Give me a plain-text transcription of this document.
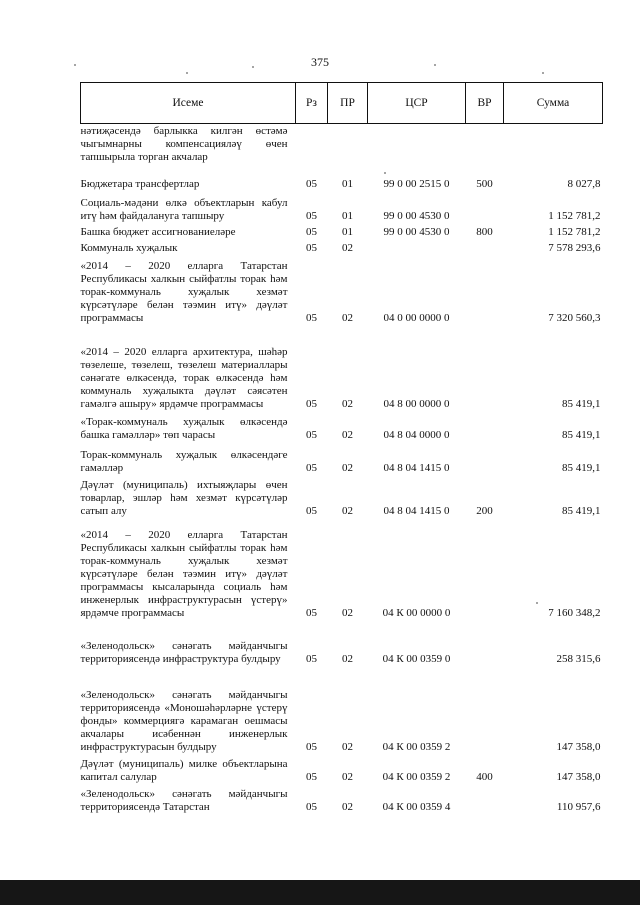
375
Исеме	Рз	ПР	ЦСР	ВР	Сумма
нәтиҗәсендә барлыкка килгән өстәмә чыгымнарны компенсацияләү өчен тапшырыла торган акчалар					
Бюджетара трансфертлар	05	01	99 0 00 2515 0	500	8 027,8
Социаль-мәдәни өлкә объектларын кабул итү һәм файдалануга тапшыру	05	01	99 0 00 4530 0		1 152 781,2
Башка бюджет ассигнованиеләре	05	01	99 0 00 4530 0	800	1 152 781,2
Коммуналь хуҗалык	05	02			7 578 293,6
«2014 – 2020 елларга Татарстан Республикасы халкын сыйфатлы торак һәм торак-коммуналь хуҗалык хезмәт күрсәтүләре белән тәэмин итү» дәүләт программасы	05	02	04 0 00 0000 0		7 320 560,3
«2014 – 2020 елларга архитектура, шәһәр төзелеше, төзелеш, төзелеш материаллары сәнәгате өлкәсендә, торак өлкәсендә һәм коммуналь хуҗалыкта дәүләт сәясәтен гамәлгә ашыру» ярдәмче программасы	05	02	04 8 00 0000 0		85 419,1
«Торак-коммуналь хуҗалык өлкәсендә башка гамәлләр» төп чарасы	05	02	04 8 04 0000 0		85 419,1
Торак-коммуналь хуҗалык өлкәсендәге гамәлләр	05	02	04 8 04 1415 0		85 419,1
Дәүләт (муниципаль) ихтыяҗлары өчен товарлар, эшләр һәм хезмәт күрсәтүләр сатып алу	05	02	04 8 04 1415 0	200	85 419,1
«2014 – 2020 елларга Татарстан Республикасы халкын сыйфатлы торак һәм торак-коммуналь хуҗалык хезмәт күрсәтүләре белән тәэмин итү» дәүләт программасы кысаларында социаль һәм инженерлык инфраструктурасын үстерү» ярдәмче программасы	05	02	04 К 00 0000 0		7 160 348,2
«Зеленодольск» сәнәгать мәйданчыгы территориясендә инфраструктура булдыру	05	02	04 К 00 0359 0		258 315,6
«Зеленодольск» сәнәгать мәйданчыгы территориясендә «Моношәһәрләрне үстерү фонды» коммерциягә карамаган оешмасы акчалары исәбеннән инженерлык инфраструктурасын булдыру	05	02	04 К 00 0359 2		147 358,0
Дәүләт (муниципаль) милке объектларына капитал салулар	05	02	04 К 00 0359 2	400	147 358,0
«Зеленодольск» сәнәгать мәйданчыгы территориясендә Татарстан	05	02	04 К 00 0359 4		110 957,6
